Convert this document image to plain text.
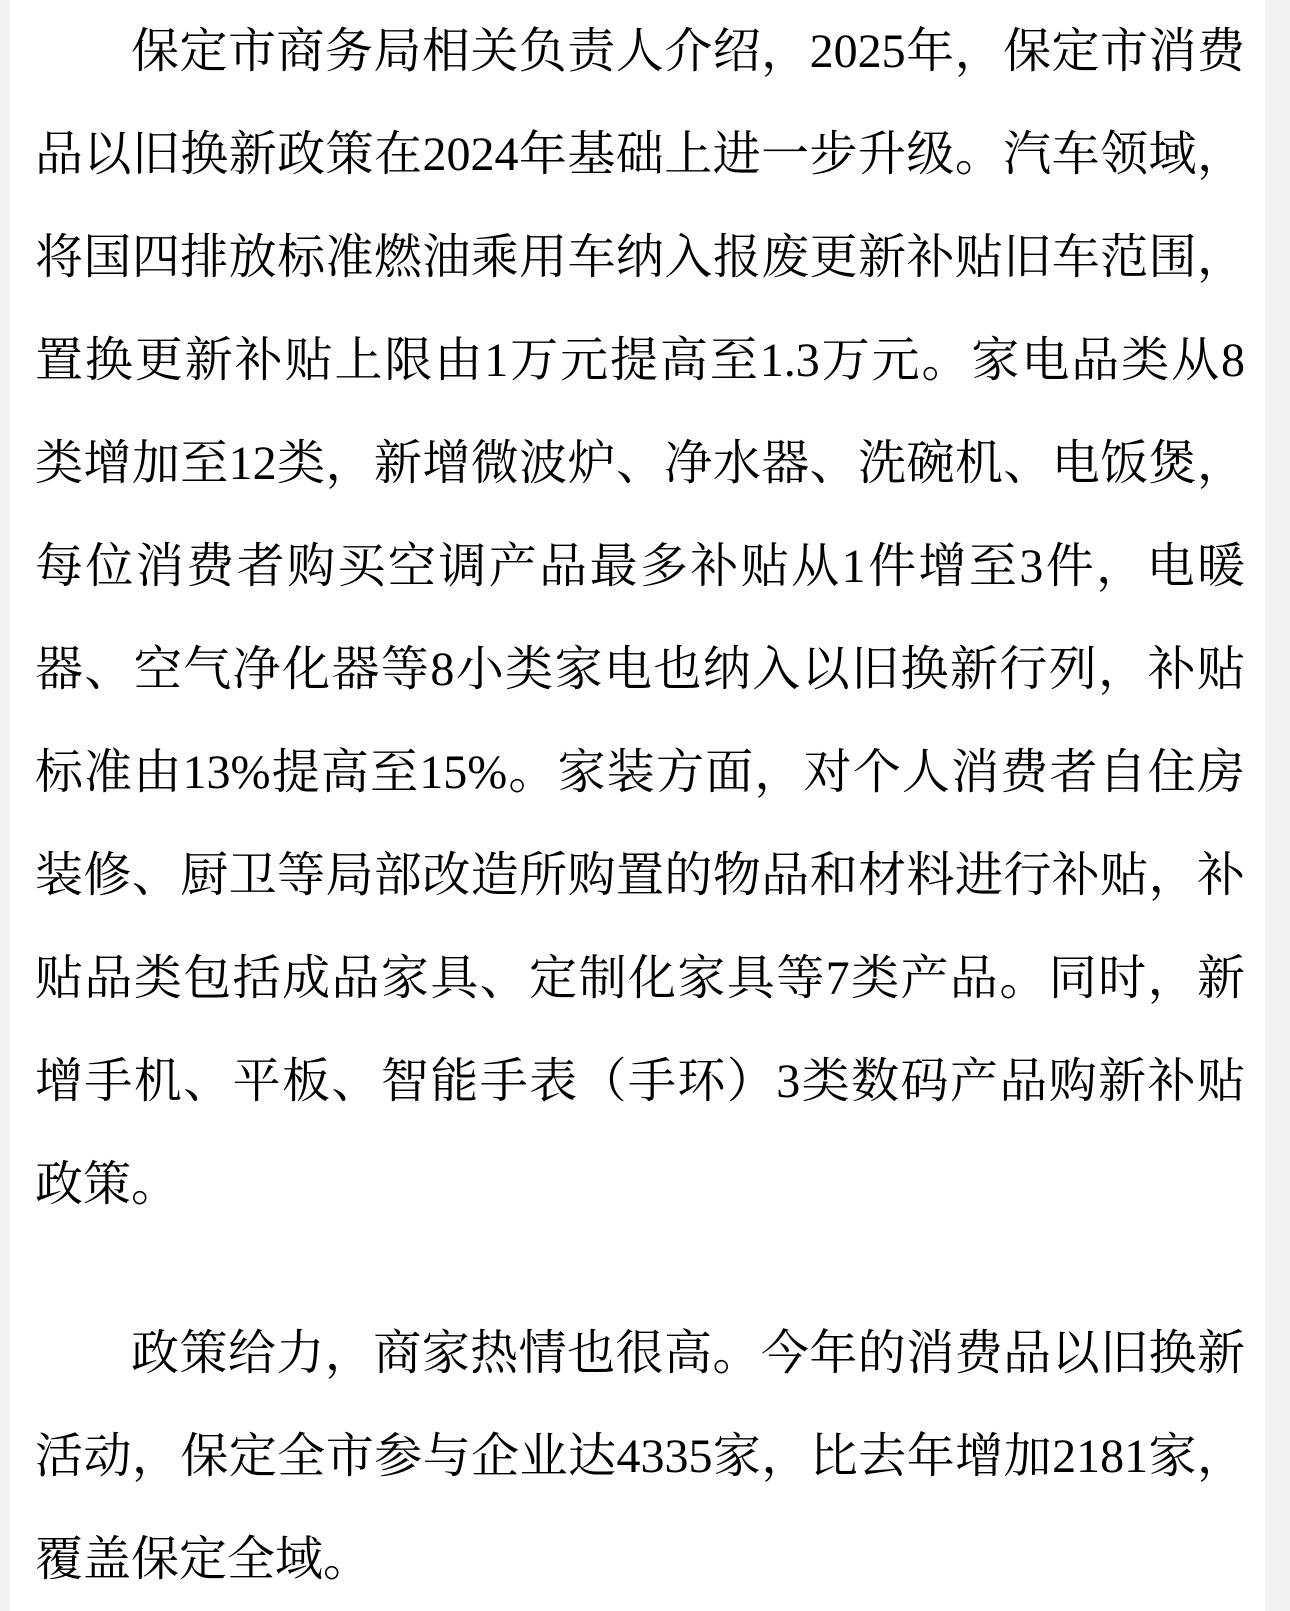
保定市商务局相关负责人介绍，2025年，保定市消费
品以旧换新政策在2024年基础上进一步升级。汽车领域，
将国四排放标准燃油乘用车纳入报废更新补贴旧车范围，
置换更新补贴上限由1万元提高至1.3万元。家电品类从8
类增加至12类，新增微波炉、净水器、洗碗机、电饭煲，
每位消费者购买空调产品最多补贴从1件增至3件，电暖
器、空气净化器等8小类家电也纳入以旧换新行列，补贴
标准由13%提高至15%。家装方面，对个人消费者自住房
装修、厨卫等局部改造所购置的物品和材料进行补贴，补
贴品类包括成品家具、定制化家具等7类产品。同时，新
增手机、平板、智能手表（手环）3类数码产品购新补贴
政策。
政策给力，商家热情也很高。今年的消费品以旧换新
活动，保定全市参与企业达4335家，比去年增加2181家，
覆盖保定全域。
